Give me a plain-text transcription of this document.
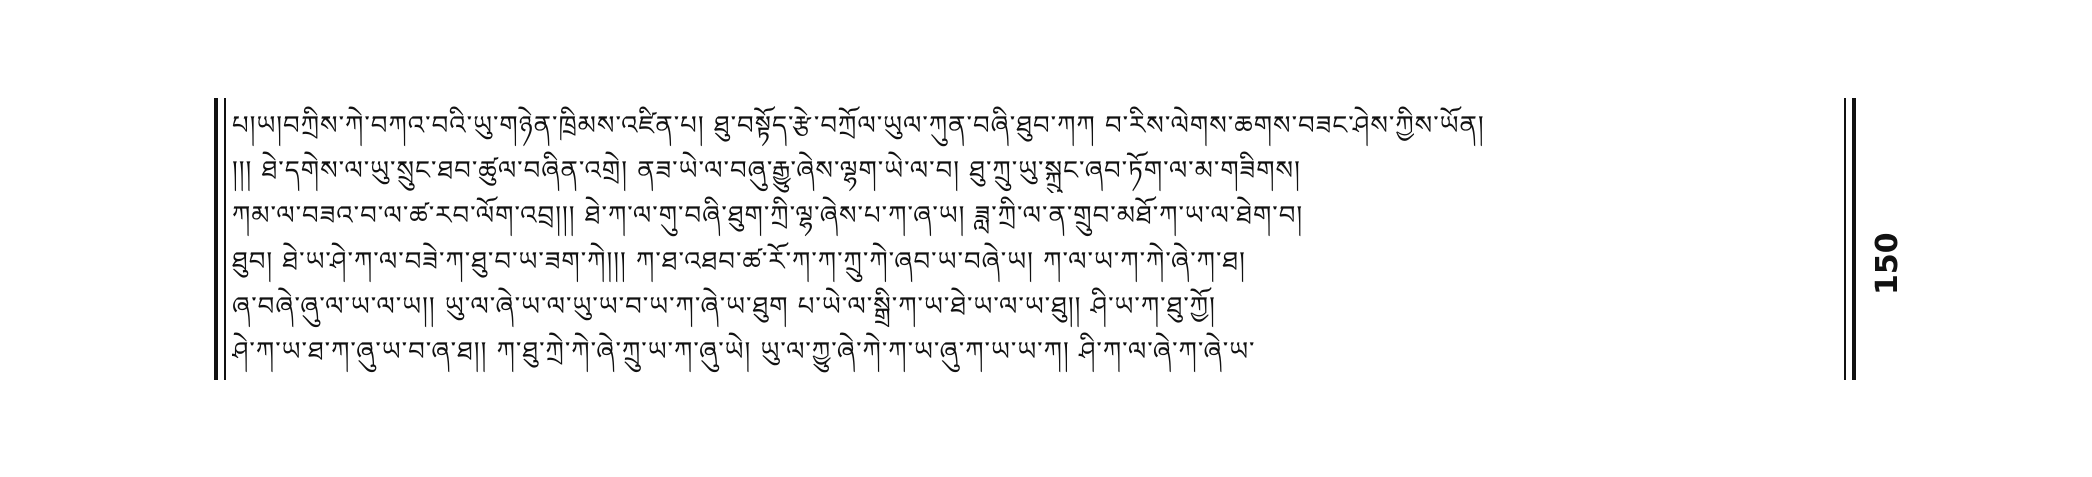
པ།ཡ།བཀྲིས་ཀེ་བཀའ་བའི་ཡུ་གཉེན་ཁྲིམས་འཛིན་པ། ཐུ་བསྟོད་རྩེ་བཀྲོལ་ཡུལ་ཀུན་བཞི་ཐུབ་ཀཀ བ་རིས་ལེགས་ཆགས་བཟང་ཤེས་ཀྱིས་ཡོན།
།།། ཐེ་དགེས་ལ་ཡུ་སྲུང་ཐབ་ཚུལ་བཞིན་འགྲེ། ནཟ་ཡེ་ལ་བཞུ་རྒྱུ་ཞེས་ལྷག་ཡེ་ལ་བ། ཐུ་ཀྲུ་ཡུ་སྐྲུང་ཞབ་ཏོག་ལ་མ་གཟིགས།
ཀམ་ལ་བཟའ་བ་ལ་ཚ་རབ་ལོག་འབྲ།།། ཐེ་ཀ་ལ་གུ་བཞི་ཐུག་ཀྲི་ལྷ་ཞེས་པ་ཀ་ཞ་ཡ། ཟླ་ཀྲི་ལ་ན་གྲུབ་མཐོ་ཀ་ཡ་ལ་ཐེག་བ།
ཐུབ། ཐེ་ཡ་ཤེ་ཀ་ལ་བཟེ་ཀ་ཐུ་བ་ཡ་ཟག་ཀེ།།། ཀ་ཐ་འཐབ་ཚ་རོ་ཀ་ཀ་ཀྲུ་ཀེ་ཞབ་ཡ་བཞེ་ཡ། ཀ་ལ་ཡ་ཀ་ཀེ་ཞེ་ཀ་ཐ།
ཞ་བཞེ་ཞུ་ལ་ཡ་ལ་ཡ།། ཡུ་ལ་ཞེ་ཡ་ལ་ཡུ་ཡ་བ་ཡ་ཀ་ཞེ་ཡ་ཐུག པ་ཡེ་ལ་སྒྲི་ཀ་ཡ་ཐེ་ཡ་ལ་ཡ་ཐུ།། ཤི་ཡ་ཀ་ཐུ་ཀྱོ།
ཤེ་ཀ་ཡ་ཐ་ཀ་ཞུ་ཡ་བ་ཞ་ཐ།། ཀ་ཐུ་ཀྲེ་ཀེ་ཞེ་ཀྲུ་ཡ་ཀ་ཞུ་ཡེ། ཡུ་ལ་ཀྱུ་ཞེ་ཀེ་ཀ་ཡ་ཞུ་ཀ་ཡ་ཡ་ཀ། ཤི་ཀ་ལ་ཞེ་ཀ་ཞེ་ཡ་
150
